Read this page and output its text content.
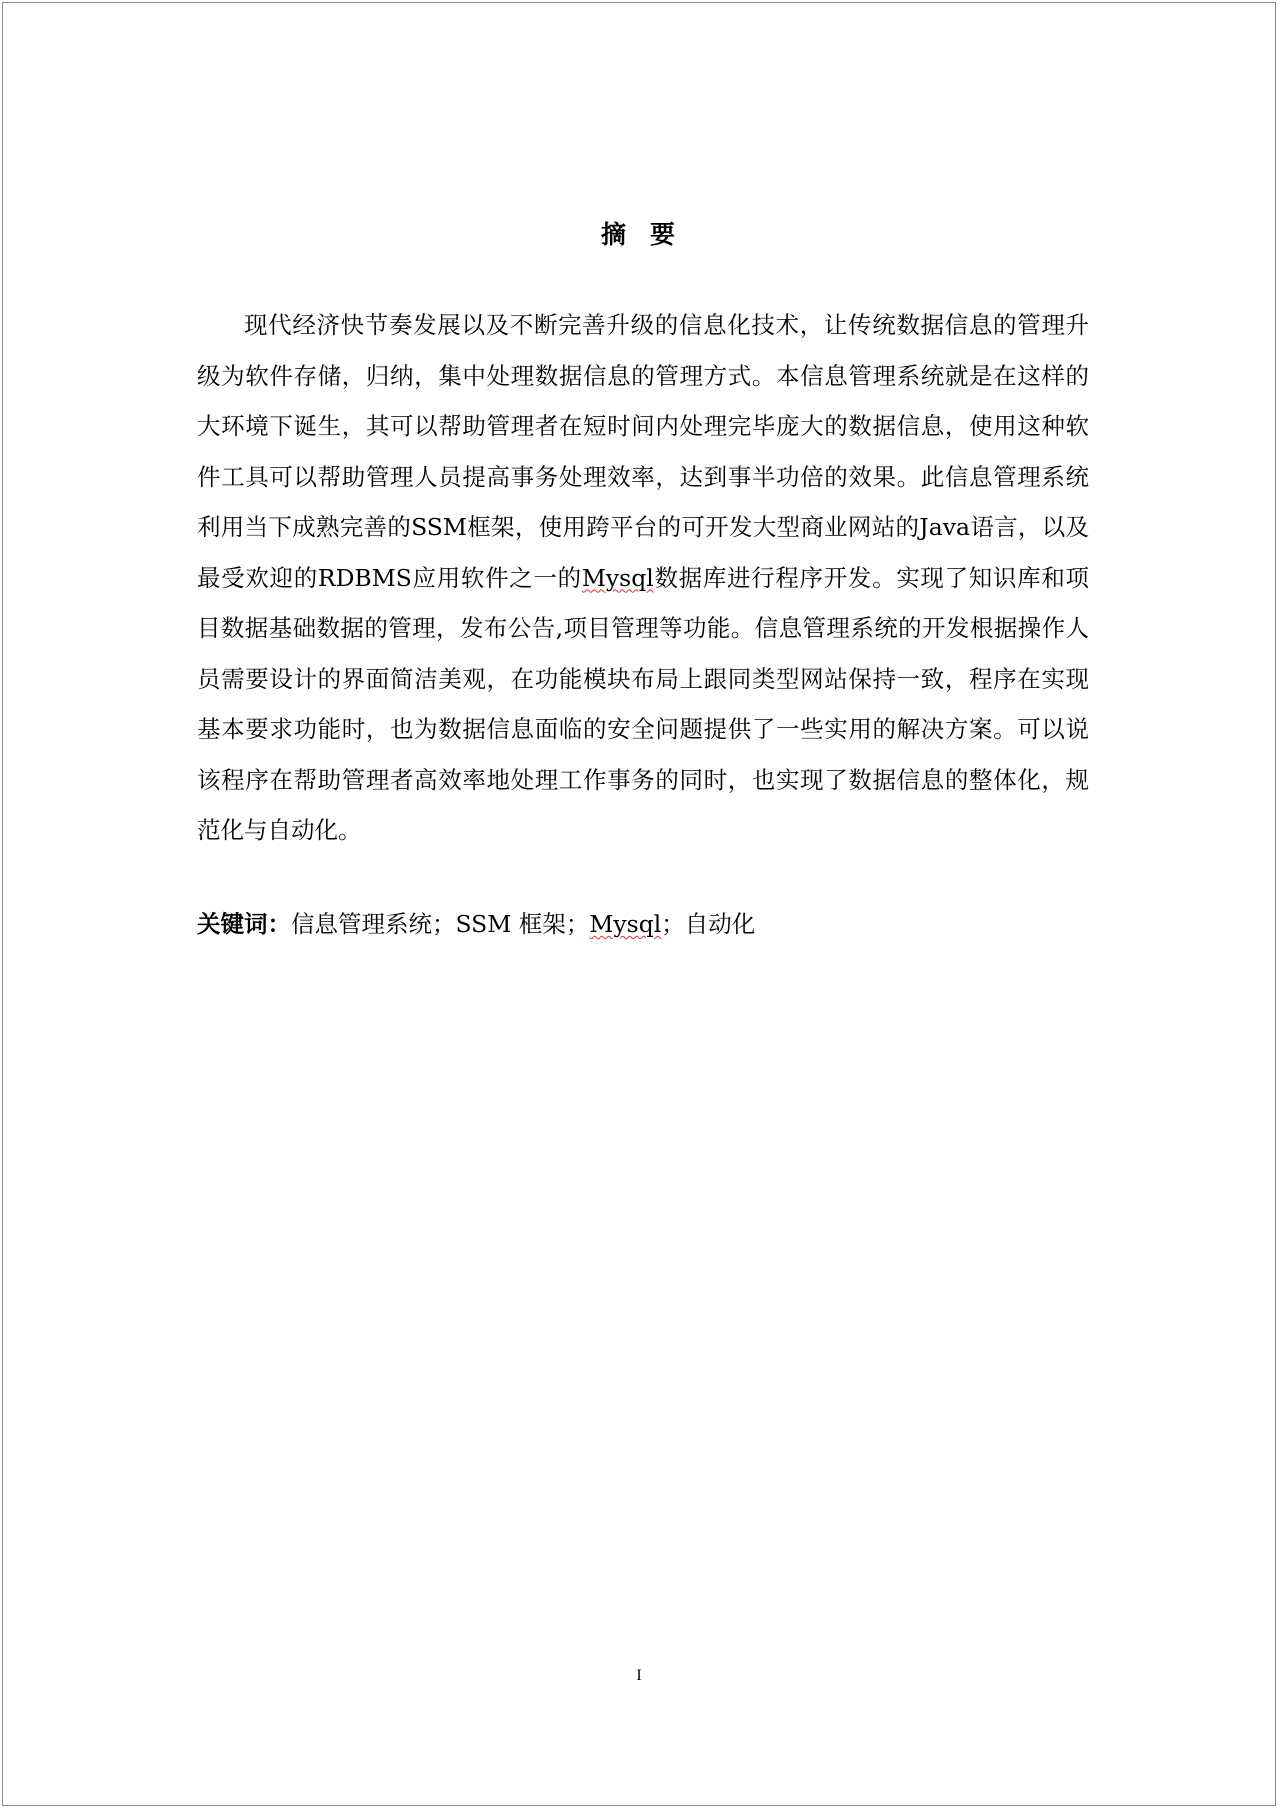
摘 要

现代经济快节奏发展以及不断完善升级的信息化技术，让传统数据信息的管理升级为软件存储，归纳，集中处理数据信息的管理方式。本信息管理系统就是在这样的大环境下诞生，其可以帮助管理者在短时间内处理完毕庞大的数据信息，使用这种软件工具可以帮助管理人员提高事务处理效率，达到事半功倍的效果。此信息管理系统利用当下成熟完善的SSM框架，使用跨平台的可开发大型商业网站的Java语言，以及最受欢迎的RDBMS应用软件之一的Mysql数据库进行程序开发。实现了知识库和项目数据基础数据的管理，发布公告,项目管理等功能。信息管理系统的开发根据操作人员需要设计的界面简洁美观，在功能模块布局上跟同类型网站保持一致，程序在实现基本要求功能时，也为数据信息面临的安全问题提供了一些实用的解决方案。可以说该程序在帮助管理者高效率地处理工作事务的同时，也实现了数据信息的整体化，规范化与自动化。

关键词：信息管理系统；SSM 框架；Mysql；自动化

I
